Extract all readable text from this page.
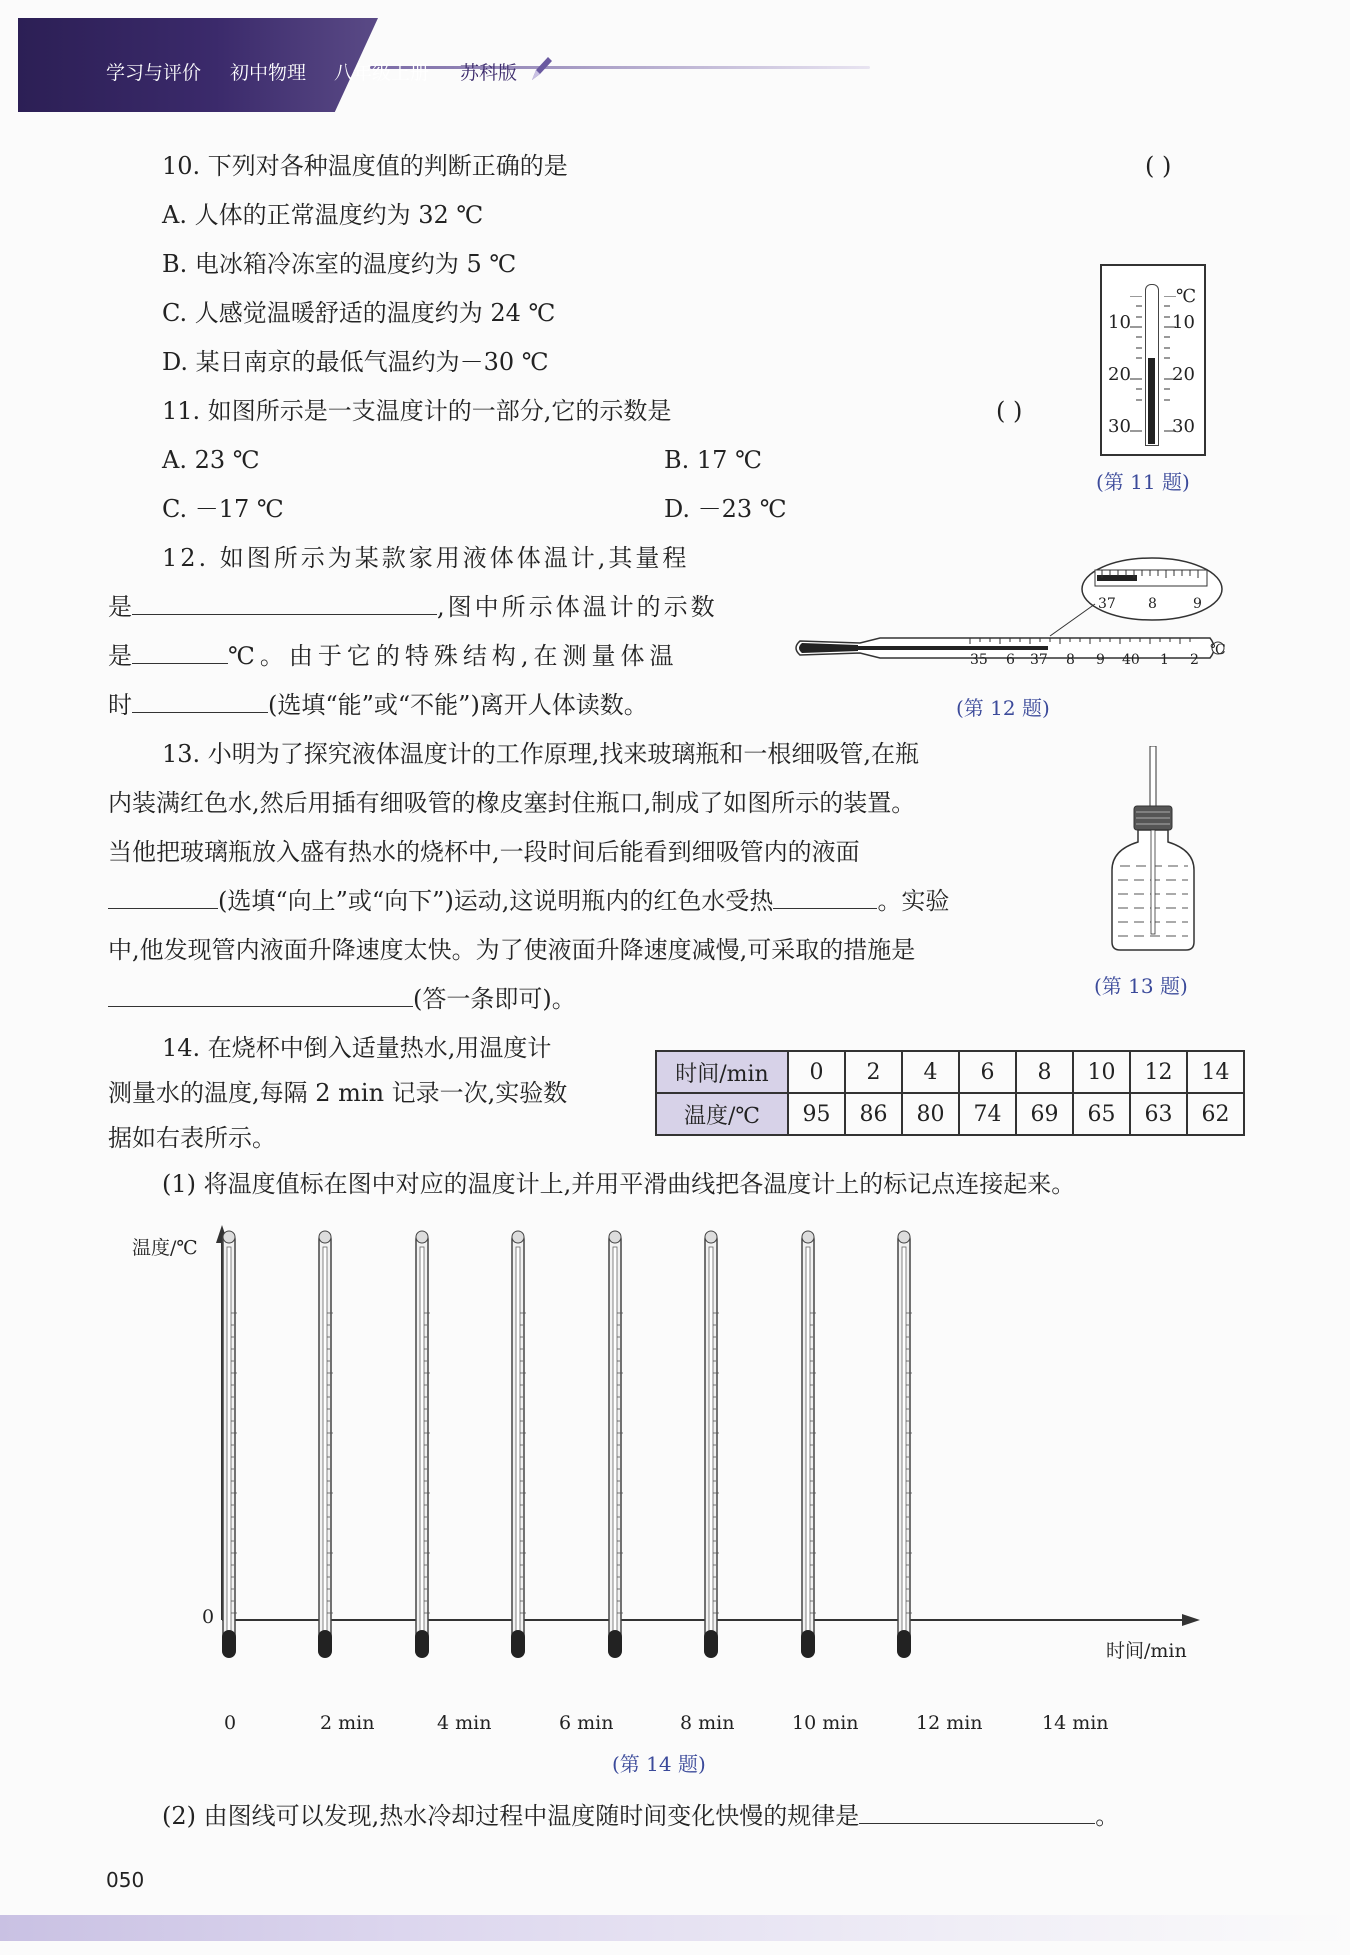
学习与评价 初中物理 八年级上册 苏科版
10. 下列对各种温度值的判断正确的是	( )
A. 人体的正常温度约为 32 ℃
B. 电冰箱冷冻室的温度约为 5 ℃
C. 人感觉温暖舒适的温度约为 24 ℃
D. 某日南京的最低气温约为－30 ℃
11. 如图所示是一支温度计的一部分,它的示数是	( )
A. 23 ℃	B. 17 ℃
C. －17 ℃	D. －23 ℃
℃
10 10
20 20
30 30
(第 11 题)
12. 如图所示为某款家用液体体温计,其量程
是	,图中所示体温计的示数
是	℃。由于它的特殊结构,在测量体温
时	(选填“能”或“不能”)离开人体读数。
37 8	9
35 6 37 8 9 40 1 2
℃
(第 12 题)
13. 小明为了探究液体温度计的工作原理,找来玻璃瓶和一根细吸管,在瓶
内装满红色水,然后用插有细吸管的橡皮塞封住瓶口,制成了如图所示的装置。
当他把玻璃瓶放入盛有热水的烧杯中,一段时间后能看到细吸管内的液面
(选填“向上”或“向下”)运动,这说明瓶内的红色水受热	。实验
中,他发现管内液面升降速度太快。为了使液面升降速度减慢,可采取的措施是
(答一条即可)。	(第 13 题)
14. 在烧杯中倒入适量热水,用温度计
测量水的温度,每隔 2 min 记录一次,实验数
据如右表所示。
时间/min	0	2	4	6	8	10	12	14
温度/℃	95	86	80	74	69	65	63	62
(1) 将温度值标在图中对应的温度计上,并用平滑曲线把各温度计上的标记点连接起来。
温度/℃
0
时间/min
0	2 min	4 min	6 min	8 min	10 min	12 min	14 min
(第 14 题)
(2) 由图线可以发现,热水冷却过程中温度随时间变化快慢的规律是	。
050
